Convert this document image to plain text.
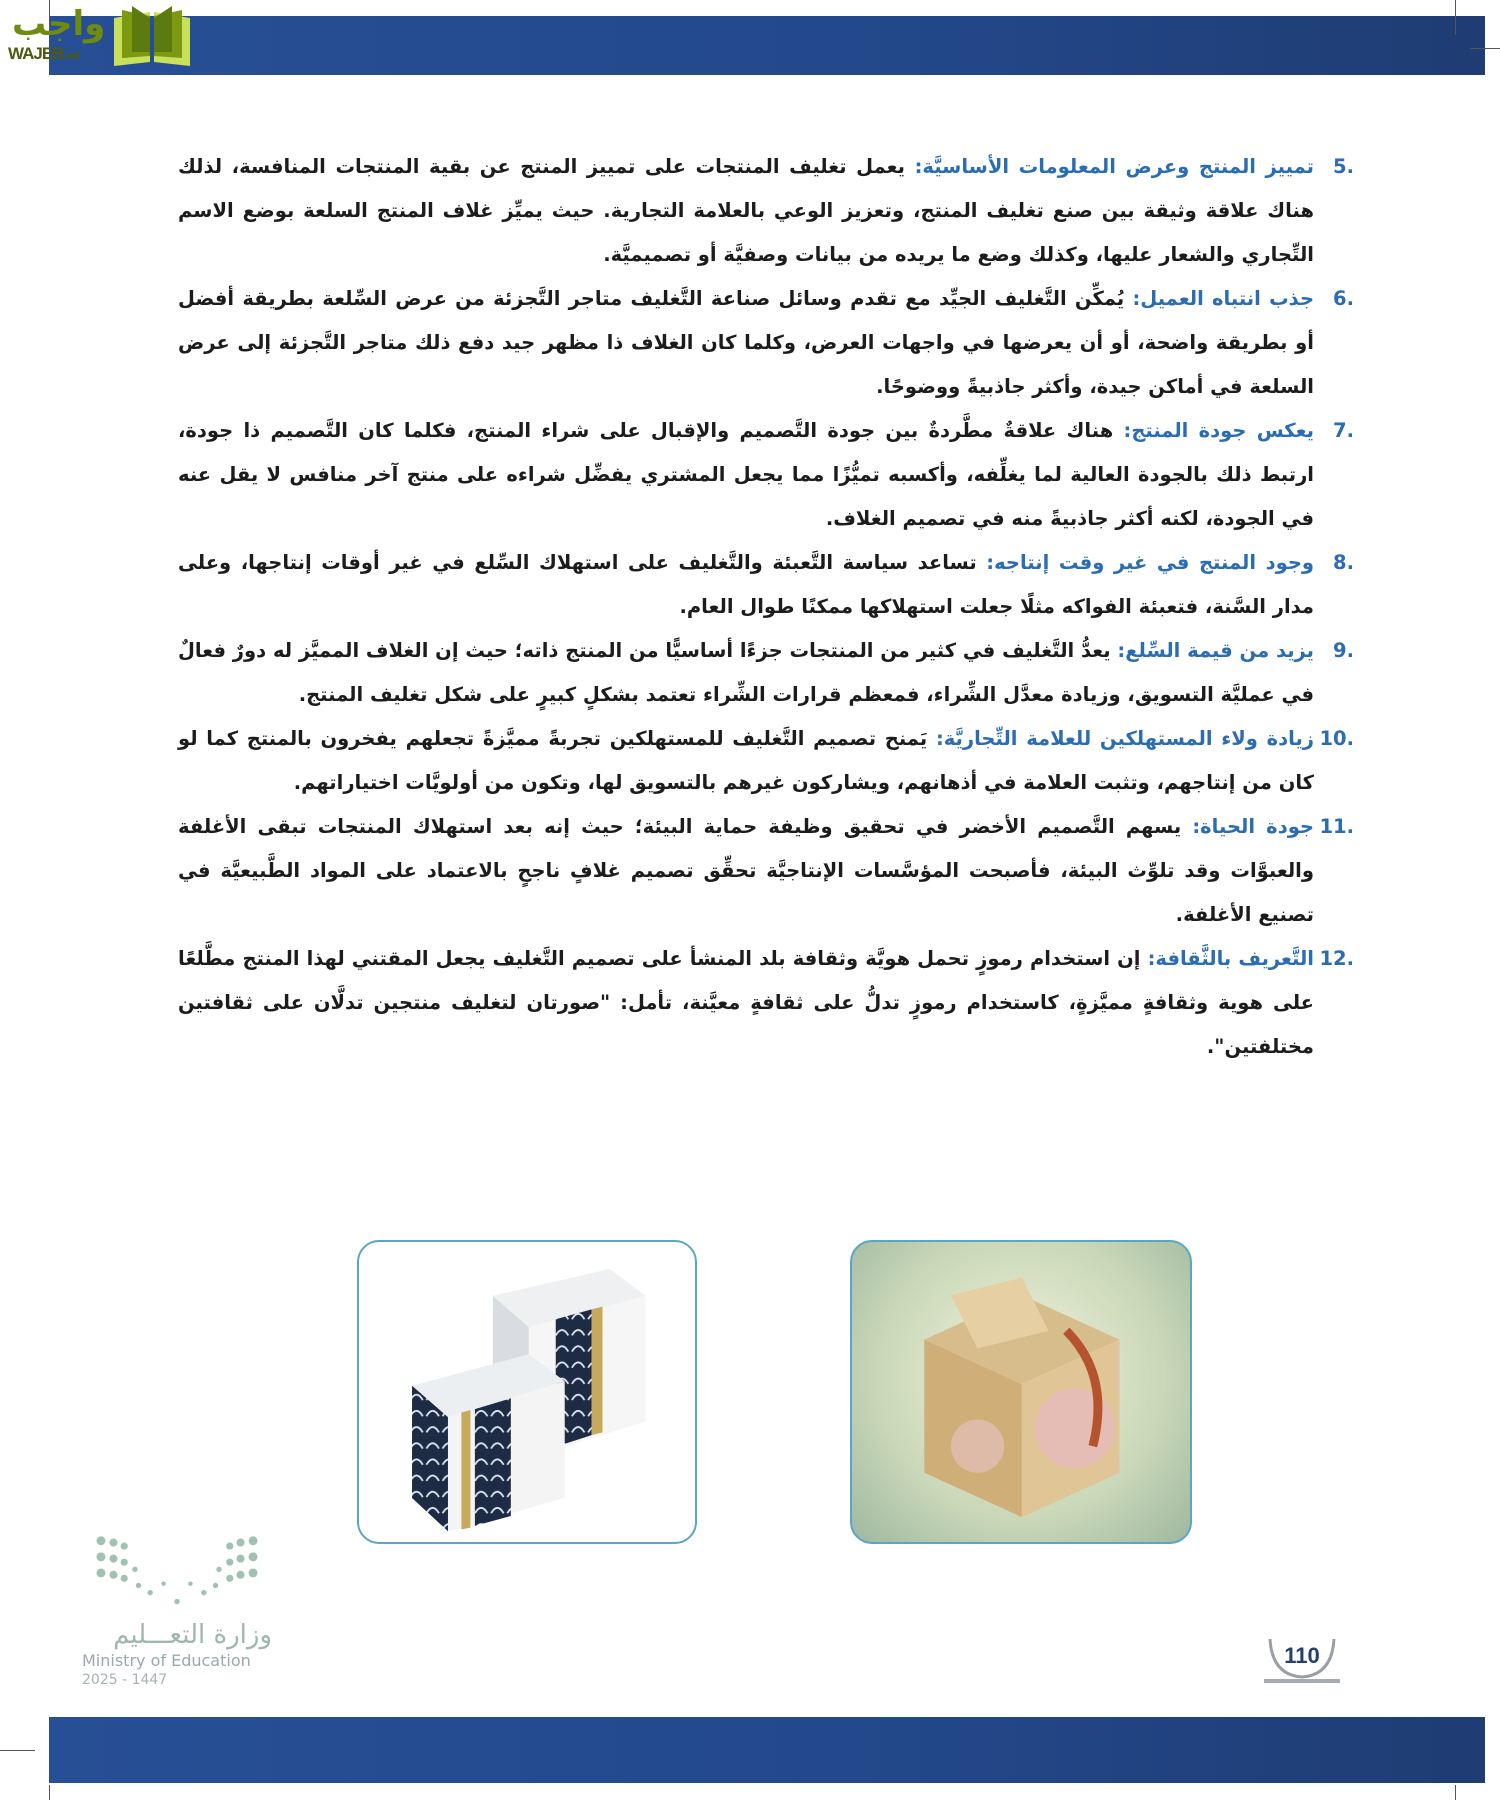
واجب
WAJEB.net
.5
تمييز المنتج وعرض المعلومات الأساسيَّة: يعمل تغليف المنتجات على تمييز المنتج عن بقية المنتجات المنافسة، لذلك هناك علاقة وثيقة بين صنع تغليف المنتج، وتعزيز الوعي بالعلامة التجارية. حيث يميِّز غلاف المنتج السلعة بوضع الاسم التِّجاري والشعار عليها، وكذلك وضع ما يريده من بيانات وصفيَّة أو تصميميَّة.
.6
جذب انتباه العميل: يُمكِّن التَّغليف الجيِّد مع تقدم وسائل صناعة التَّغليف متاجر التَّجزئة من عرض السِّلعة بطريقة أفضل أو بطريقة واضحة، أو أن يعرضها في واجهات العرض، وكلما كان الغلاف ذا مظهر جيد دفع ذلك متاجر التَّجزئة إلى عرض السلعة في أماكن جيدة، وأكثر جاذبيةً ووضوحًا.
.7
يعكس جودة المنتج: هناك علاقةٌ مطَّردةٌ بين جودة التَّصميم والإقبال على شراء المنتج، فكلما كان التَّصميم ذا جودة، ارتبط ذلك بالجودة العالية لما يغلِّفه، وأكسبه تميُّزًا مما يجعل المشتري يفضِّل شراءه على منتج آخر منافس لا يقل عنه في الجودة، لكنه أكثر جاذبيةً منه في تصميم الغلاف.
.8
وجود المنتج في غير وقت إنتاجه: تساعد سياسة التَّعبئة والتَّغليف على استهلاك السِّلع في غير أوقات إنتاجها، وعلى مدار السَّنة، فتعبئة الفواكه مثلًا جعلت استهلاكها ممكنًا طوال العام.
.9
يزيد من قيمة السِّلع: يعدُّ التَّغليف في كثير من المنتجات جزءًا أساسيًّا من المنتج ذاته؛ حيث إن الغلاف المميَّز له دورٌ فعالٌ في عمليَّة التسويق، وزيادة معدَّل الشِّراء، فمعظم قرارات الشِّراء تعتمد بشكلٍ كبيرٍ على شكل تغليف المنتج.
.10
زيادة ولاء المستهلكين للعلامة التِّجاريَّة: يَمنح تصميم التَّغليف للمستهلكين تجربةً مميَّزةً تجعلهم يفخرون بالمنتج كما لو كان من إنتاجهم، وتثبت العلامة في أذهانهم، ويشاركون غيرهم بالتسويق لها، وتكون من أولويَّات اختياراتهم.
.11
جودة الحياة: يسهم التَّصميم الأخضر في تحقيق وظيفة حماية البيئة؛ حيث إنه بعد استهلاك المنتجات تبقى الأغلفة والعبوَّات وقد تلوِّث البيئة، فأصبحت المؤسَّسات الإنتاجيَّة تحقِّق تصميم غلافٍ ناجحٍ بالاعتماد على المواد الطَّبيعيَّة في تصنيع الأغلفة.
.12
التَّعريف بالثَّقافة: إن استخدام رموزٍ تحمل هويَّة وثقافة بلد المنشأ على تصميم التَّغليف يجعل المقتني لهذا المنتج مطَّلعًا على هوية وثقافةٍ مميَّزةٍ، كاستخدام رموزٍ تدلُّ على ثقافةٍ معيَّنة، تأمل: "صورتان لتغليف منتجين تدلَّان على ثقافتين مختلفتين".
وزارة التعـــليم
Ministry of Education
2025 - 1447
110
